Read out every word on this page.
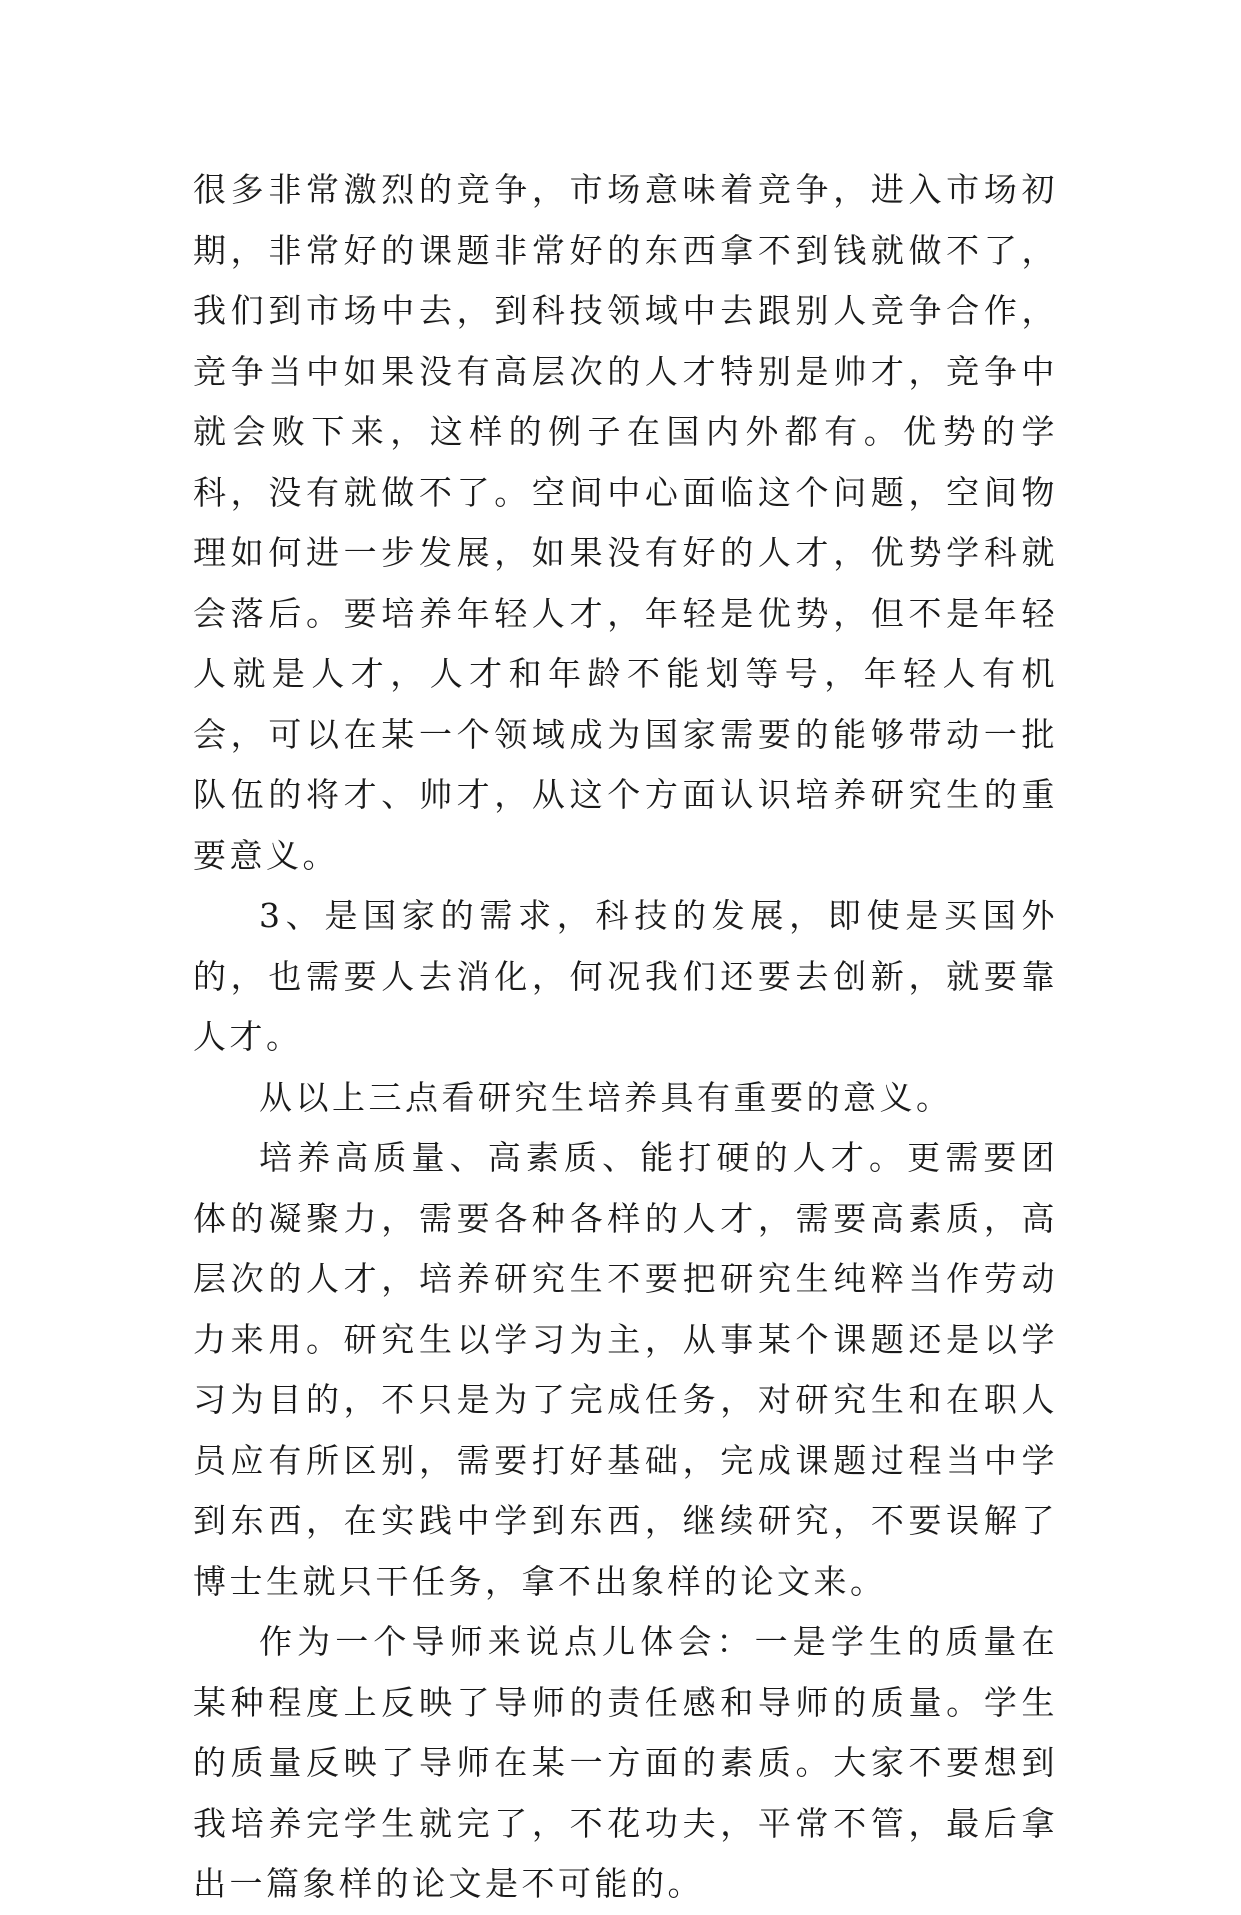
很多非常激烈的竞争，市场意味着竞争，进入市场初期，非常好的课题非常好的东西拿不到钱就做不了，我们到市场中去，到科技领域中去跟别人竞争合作，竞争当中如果没有高层次的人才特别是帅才，竞争中就会败下来，这样的例子在国内外都有。优势的学科，没有就做不了。空间中心面临这个问题，空间物理如何进一步发展，如果没有好的人才，优势学科就会落后。要培养年轻人才，年轻是优势，但不是年轻人就是人才，人才和年龄不能划等号，年轻人有机会，可以在某一个领域成为国家需要的能够带动一批队伍的将才、帅才，从这个方面认识培养研究生的重要意义。

3、是国家的需求，科技的发展，即使是买国外的，也需要人去消化，何况我们还要去创新，就要靠人才。

从以上三点看研究生培养具有重要的意义。

培养高质量、高素质、能打硬的人才。更需要团体的凝聚力，需要各种各样的人才，需要高素质，高层次的人才，培养研究生不要把研究生纯粹当作劳动力来用。研究生以学习为主，从事某个课题还是以学习为目的，不只是为了完成任务，对研究生和在职人员应有所区别，需要打好基础，完成课题过程当中学到东西，在实践中学到东西，继续研究，不要误解了博士生就只干任务，拿不出象样的论文来。

作为一个导师来说点儿体会：一是学生的质量在某种程度上反映了导师的责任感和导师的质量。学生的质量反映了导师在某一方面的素质。大家不要想到我培养完学生就完了，不花功夫，平常不管，最后拿出一篇象样的论文是不可能的。
